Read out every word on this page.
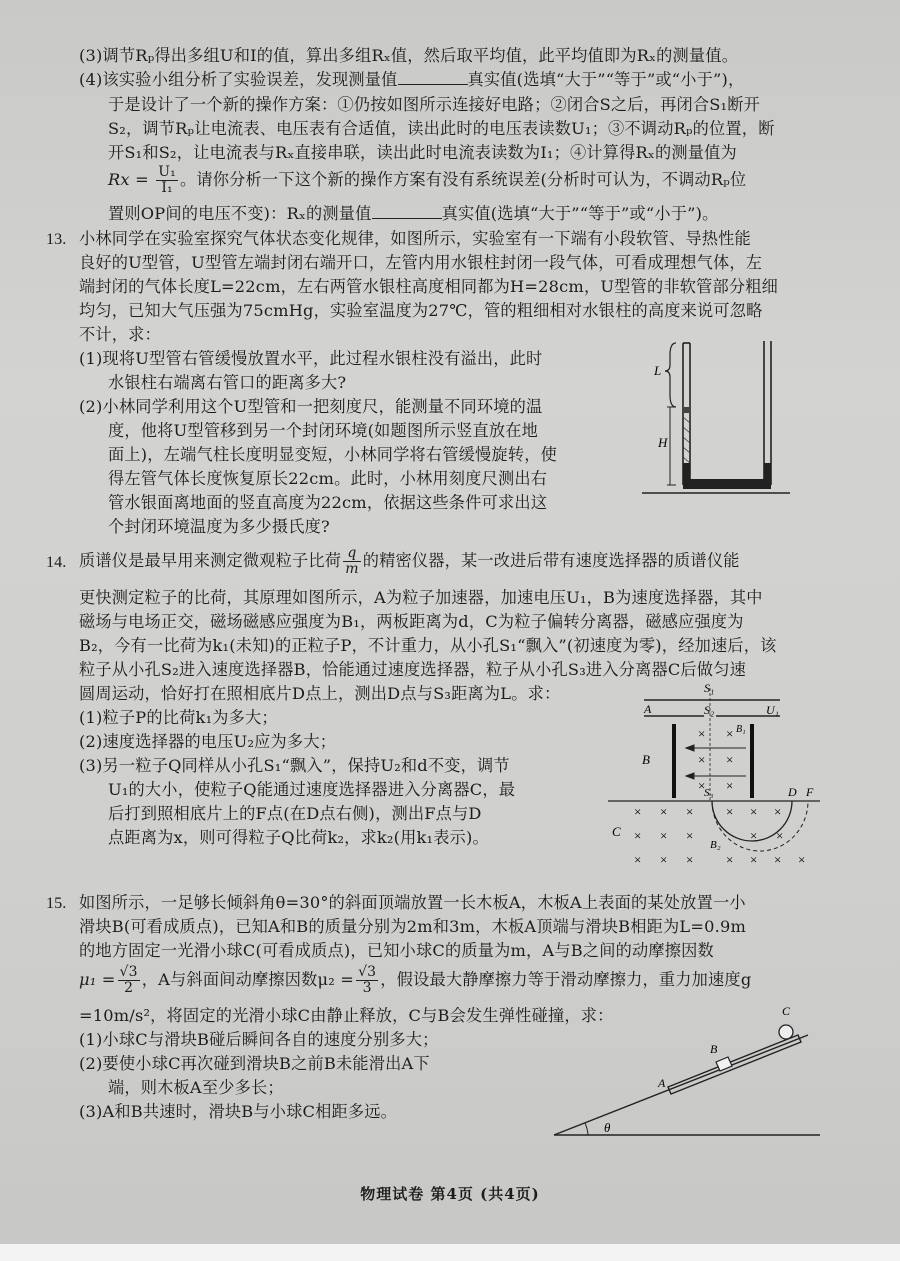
(3)调节Rₚ得出多组U和I的值，算出多组Rₓ值，然后取平均值，此平均值即为Rₓ的测量值。
(4)该实验小组分析了实验误差，发现测量值	真实值(选填“大于”“等于”或“小于”)，
于是设计了一个新的操作方案：①仍按如图所示连接好电路；②闭合S之后，再闭合S₁断开
S₂，调节Rₚ让电流表、电压表有合适值，读出此时的电压表读数U₁；③不调动Rₚ的位置，断
开S₁和S₂，让电流表与Rₓ直接串联，读出此时电流表读数为I₁；④计算得Rₓ的测量值为
$Rx = \frac{\text{U₁}}{\text{I₁}}$ 。请你分析一下这个新的操作方案有没有系统误差(分析时可认为，不调动Rₚ位
置则OP间的电压不变)：Rₓ的测量值	真实值(选填“大于”“等于”或“小于”)。
13. 小林同学在实验室探究气体状态变化规律，如图所示，实验室有一下端有小段软管、导热性能
良好的U型管，U型管左端封闭右端开口，左管内用水银柱封闭一段气体，可看成理想气体，左
端封闭的气体长度L=22cm，左右两管水银柱高度相同都为H=28cm，U型管的非软管部分粗细
均匀，已知大气压强为75cmHg，实验室温度为27℃，管的粗细相对水银柱的高度来说可忽略
不计，求：
(1)现将U型管右管缓慢放置水平，此过程水银柱没有溢出，此时
水银柱右端离右管口的距离多大?
(2)小林同学利用这个U型管和一把刻度尺，能测量不同环境的温
度，他将U型管移到另一个封闭环境(如题图所示竖直放在地
面上)，左端气柱长度明显变短，小林同学将右管缓慢旋转，使
得左管气体长度恢复原长22cm。此时，小林用刻度尺测出右
管水银面离地面的竖直高度为22cm，依据这些条件可求出这
个封闭环境温度为多少摄氏度?
L
H
14. 质谱仪是最早用来测定微观粒子比荷 $\frac{q}{m}$ 的精密仪器，某一改进后带有速度选择器的质谱仪能
更快测定粒子的比荷，其原理如图所示，A为粒子加速器，加速电压U₁，B为速度选择器，其中
磁场与电场正交，磁场磁感应强度为B₁，两板距离为d，C为粒子偏转分离器，磁感应强度为
B₂，今有一比荷为k₁(未知)的正粒子P，不计重力，从小孔S₁“飘入”(初速度为零)，经加速后，该
粒子从小孔S₂进入速度选择器B，恰能通过速度选择器，粒子从小孔S₃进入分离器C后做匀速
圆周运动，恰好打在照相底片D点上，测出D点与S₃距离为L。求：
(1)粒子P的比荷k₁为多大；
(2)速度选择器的电压U₂应为多大；
(3)另一粒子Q同样从小孔S₁“飘入”，保持U₂和d不变，调节
U₁的大小，使粒子Q能通过速度选择器进入分离器C，最
后打到照相底片上的F点(在D点右侧)，测出F点与D
点距离为x，则可得粒子Q比荷k₂，求k₂(用k₁表示)。
S₁
A	S₂	U₁
B
B₁
× ×
× ×
× ×
S₃	D F
C
B₂
× × ×	× × ×
× × ×	× ×
× × ×	× × × ×
15. 如图所示，一足够长倾斜角θ=30°的斜面顶端放置一长木板A，木板A上表面的某处放置一小
滑块B(可看成质点)，已知A和B的质量分别为2m和3m，木板A顶端与滑块B相距为L=0.9m
的地方固定一光滑小球C(可看成质点)，已知小球C的质量为m，A与B之间的动摩擦因数
$\mu_1 = \frac{√3}{2}$ ，A与斜面间动摩擦因数$\mu_2 = \frac{√3}{3}$ ，假设最大静摩擦力等于滑动摩擦力，重力加速度g
=10m/s²，将固定的光滑小球C由静止释放，C与B会发生弹性碰撞，求：
(1)小球C与滑块B碰后瞬间各自的速度分别多大；
(2)要使小球C再次碰到滑块B之前B未能滑出A下
端，则木板A至少多长；
(3)A和B共速时，滑块B与小球C相距多远。
C
B
A
θ
物理试卷 第4页 (共4页)
